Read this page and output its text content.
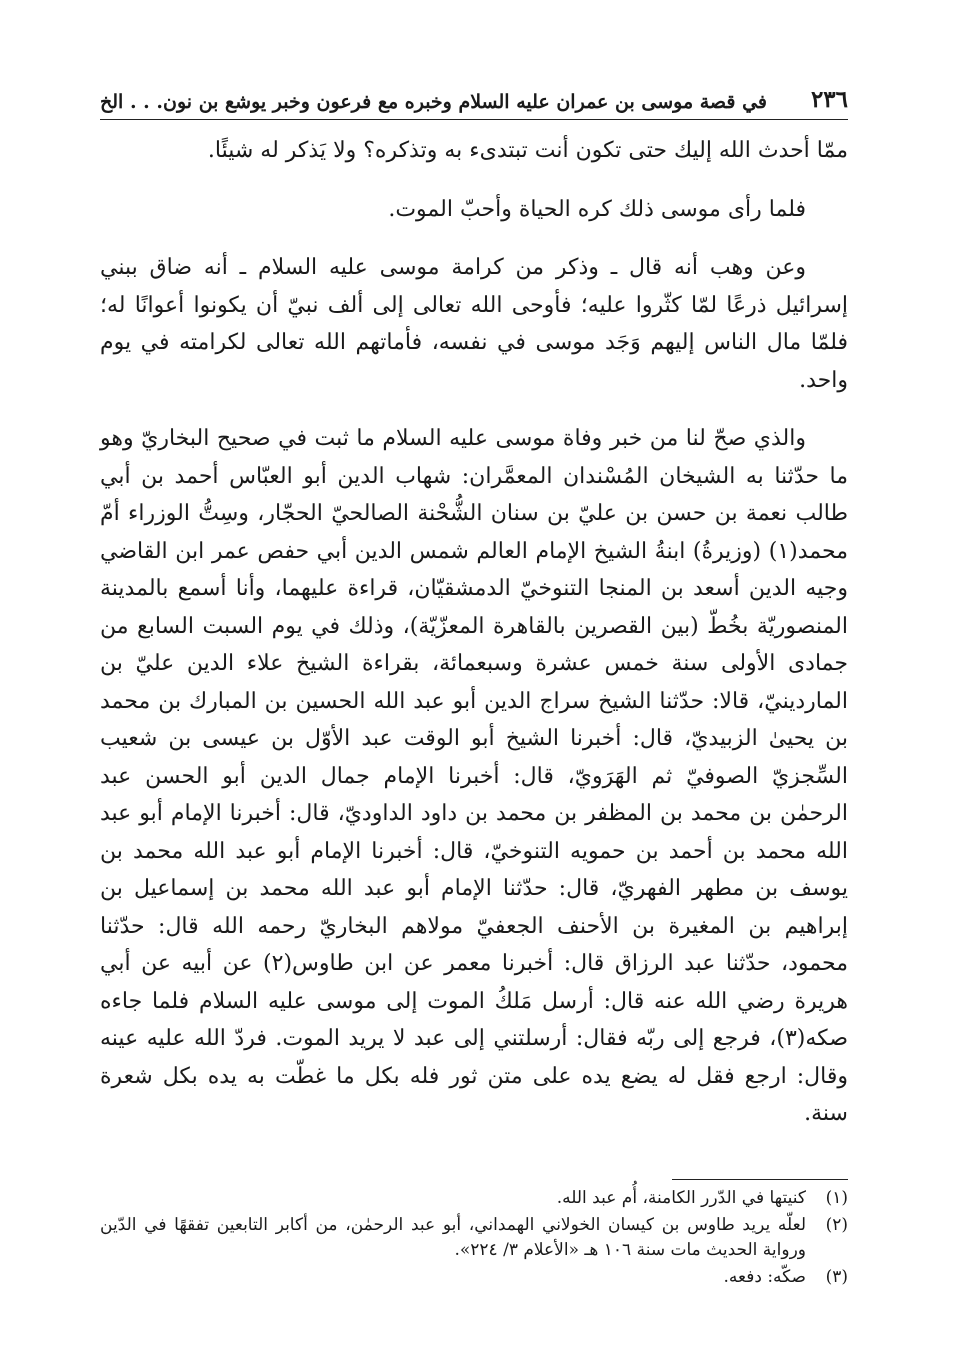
٢٣٦
في قصة موسى بن عمران عليه السلام وخبره مع فرعون وخبر يوشع بن نون. . . الخ

ممّا أحدث الله إليك حتى تكون أنت تبتدىء به وتذكره؟ ولا يَذكر له شيئًا.

فلما رأى موسى ذلك كره الحياة وأحبّ الموت.

وعن وهب أنه قال ـ وذكر من كرامة موسى عليه السلام ـ أنه ضاق ببني إسرائيل ذرعًا لمّا كثّروا عليه؛ فأوحى الله تعالى إلى ألف نبيّ أن يكونوا أعوانًا له؛ فلمّا مال الناس إليهم وَجَد موسى في نفسه، فأماتهم الله تعالى لكرامته في يوم واحد.

والذي صحّ لنا من خبر وفاة موسى عليه السلام ما ثبت في صحيح البخاريّ وهو ما حدّثنا به الشيخان المُسْندان المعمَّران: شهاب الدين أبو العبّاس أحمد بن أبي طالب نعمة بن حسن بن عليّ بن سنان الشُّحْنة الصالحيّ الحجّار، وسِتُّ الوزراء أمّ محمد(١) (وزيرةُ) ابنةُ الشيخ الإمام العالم شمس الدين أبي حفص عمر ابن القاضي وجيه الدين أسعد بن المنجا التنوخيّ الدمشقيّان، قراءة عليهما، وأنا أسمع بالمدينة المنصوريّة بخُطّ (بين القصرين بالقاهرة المعزّيّة)، وذلك في يوم السبت السابع من جمادى الأولى سنة خمس عشرة وسبعمائة، بقراءة الشيخ علاء الدين عليّ بن الماردينيّ، قالا: حدّثنا الشيخ سراج الدين أبو عبد الله الحسين بن المبارك بن محمد بن يحيىٰ الزبيديّ، قال: أخبرنا الشيخ أبو الوقت عبد الأوّل بن عيسى بن شعيب السِّجزيّ الصوفيّ ثم الهَرَويّ، قال: أخبرنا الإمام جمال الدين أبو الحسن عبد الرحمٰن بن محمد بن المظفر بن محمد بن داود الداوديّ، قال: أخبرنا الإمام أبو عبد الله محمد بن أحمد بن حمويه التنوخيّ، قال: أخبرنا الإمام أبو عبد الله محمد بن يوسف بن مطهر الفهريّ، قال: حدّثنا الإمام أبو عبد الله محمد بن إسماعيل بن إبراهيم بن المغيرة بن الأحنف الجعفيّ مولاهم البخاريّ رحمه الله قال: حدّثنا محمود، حدّثنا عبد الرزاق قال: أخبرنا معمر عن ابن طاوس(٢) عن أبيه عن أبي هريرة رضي الله عنه قال: أرسل مَلكُ الموت إلى موسى عليه السلام فلما جاءه صكه(٣)، فرجع إلى ربّه فقال: أرسلتني إلى عبد لا يريد الموت. فردّ الله عليه عينه وقال: ارجع فقل له يضع يده على متن ثور فله بكل ما غطّت به يده بكل شعرة سنة.

(١)
كنيتها في الدّرر الكامنة، أُم عبد الله.
(٢)
لعلّه يريد طاوس بن كيسان الخولاني الهمداني، أبو عبد الرحمٰن، من أكابر التابعين تفقهًا في الدّين ورواية الحديث مات سنة ١٠٦ هـ «الأعلام ٣/ ٢٢٤».
(٣)
صكّه: دفعه.
